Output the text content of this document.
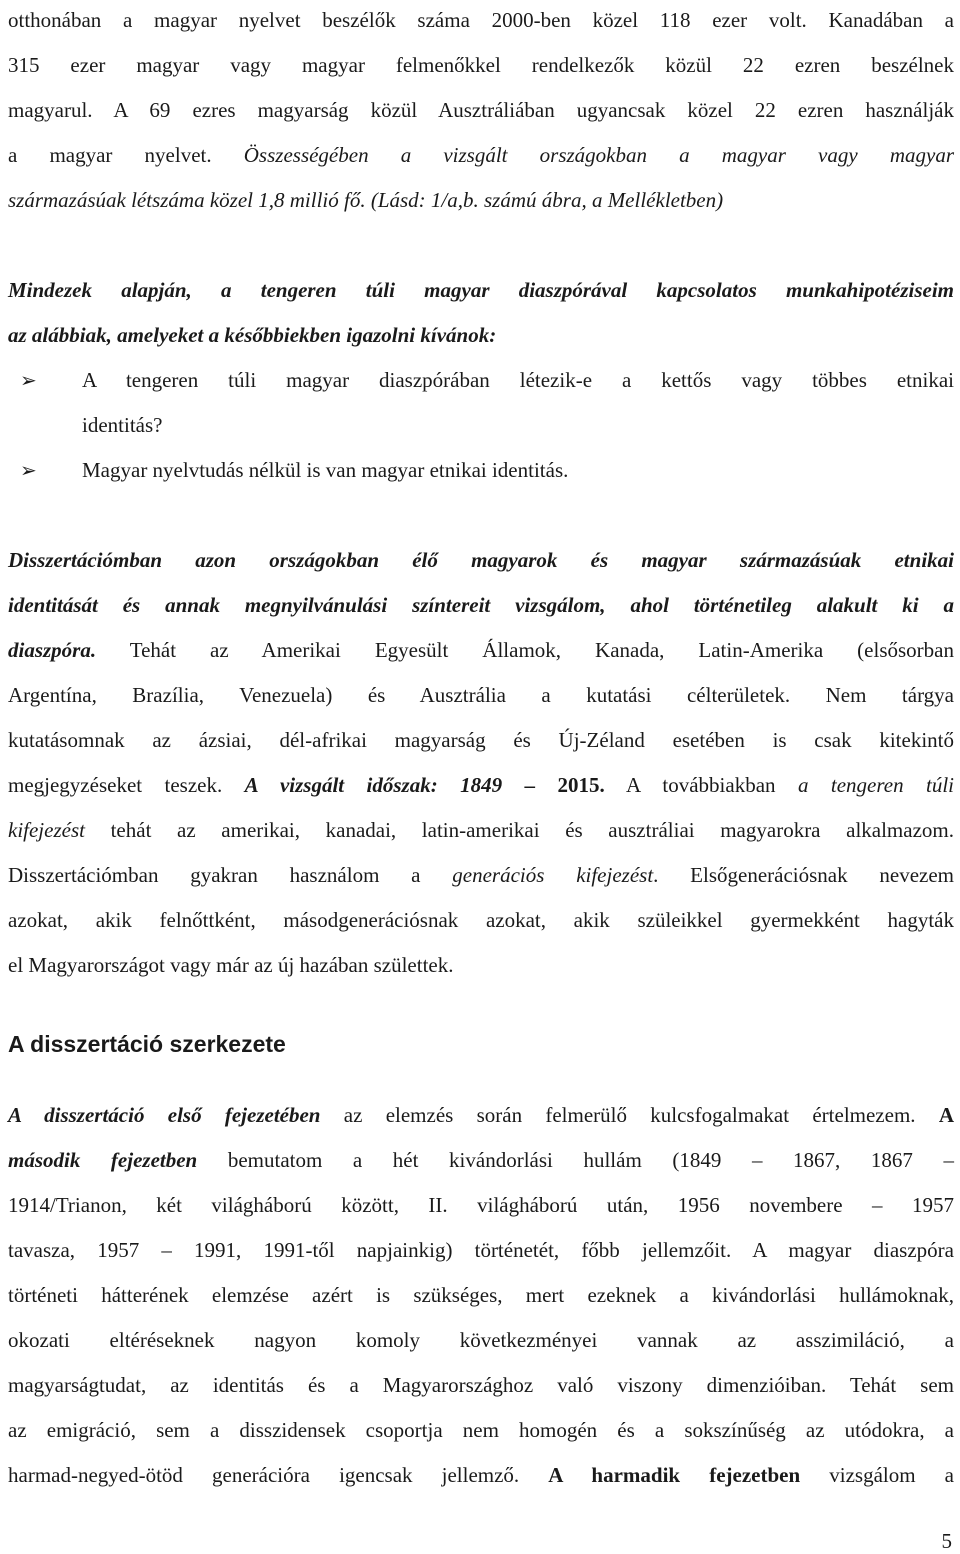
otthonában a magyar nyelvet beszélők száma 2000-ben közel 118 ezer volt. Kanadában a
315 ezer magyar vagy magyar felmenőkkel rendelkezők közül 22 ezren beszélnek
magyarul. A 69 ezres magyarság közül Ausztráliában ugyancsak közel 22 ezren használják
a magyar nyelvet. Összességében a vizsgált országokban a magyar vagy magyar
származásúak létszáma közel 1,8 millió fő. (Lásd: 1/a,b. számú ábra, a Mellékletben)
Mindezek alapján, a tengeren túli magyar diaszpórával kapcsolatos munkahipotéziseim
az alábbiak, amelyeket a későbbiekben igazolni kívánok:
➢ A tengeren túli magyar diaszpórában létezik-e a kettős vagy többes etnikai
identitás?
➢ Magyar nyelvtudás nélkül is van magyar etnikai identitás.
Disszertációmban azon országokban élő magyarok és magyar származásúak etnikai
identitását és annak megnyilvánulási színtereit vizsgálom, ahol történetileg alakult ki a
diaszpóra. Tehát az Amerikai Egyesült Államok, Kanada, Latin-Amerika (elsősorban
Argentína, Brazília, Venezuela) és Ausztrália a kutatási célterületek. Nem tárgya
kutatásomnak az ázsiai, dél-afrikai magyarság és Új-Zéland esetében is csak kitekintő
megjegyzéseket teszek. A vizsgált időszak: 1849 – 2015. A továbbiakban a tengeren túli
kifejezést tehát az amerikai, kanadai, latin-amerikai és ausztráliai magyarokra alkalmazom.
Disszertációmban gyakran használom a generációs kifejezést. Elsőgenerációsnak nevezem
azokat, akik felnőttként, másodgenerációsnak azokat, akik szüleikkel gyermekként hagyták
el Magyarországot vagy már az új hazában születtek.
A disszertáció szerkezete
A disszertáció első fejezetében az elemzés során felmerülő kulcsfogalmakat értelmezem. A
második fejezetben bemutatom a hét kivándorlási hullám (1849 – 1867, 1867 –
1914/Trianon, két világháború között, II. világháború után, 1956 novembere – 1957
tavasza, 1957 – 1991, 1991-től napjainkig) történetét, főbb jellemzőit. A magyar diaszpóra
történeti hátterének elemzése azért is szükséges, mert ezeknek a kivándorlási hullámoknak,
okozati eltéréseknek nagyon komoly következményei vannak az asszimiláció, a
magyarságtudat, az identitás és a Magyarországhoz való viszony dimenzióiban. Tehát sem
az emigráció, sem a disszidensek csoportja nem homogén és a sokszínűség az utódokra, a
harmad-negyed-ötöd generációra igencsak jellemző. A harmadik fejezetben vizsgálom a
5
